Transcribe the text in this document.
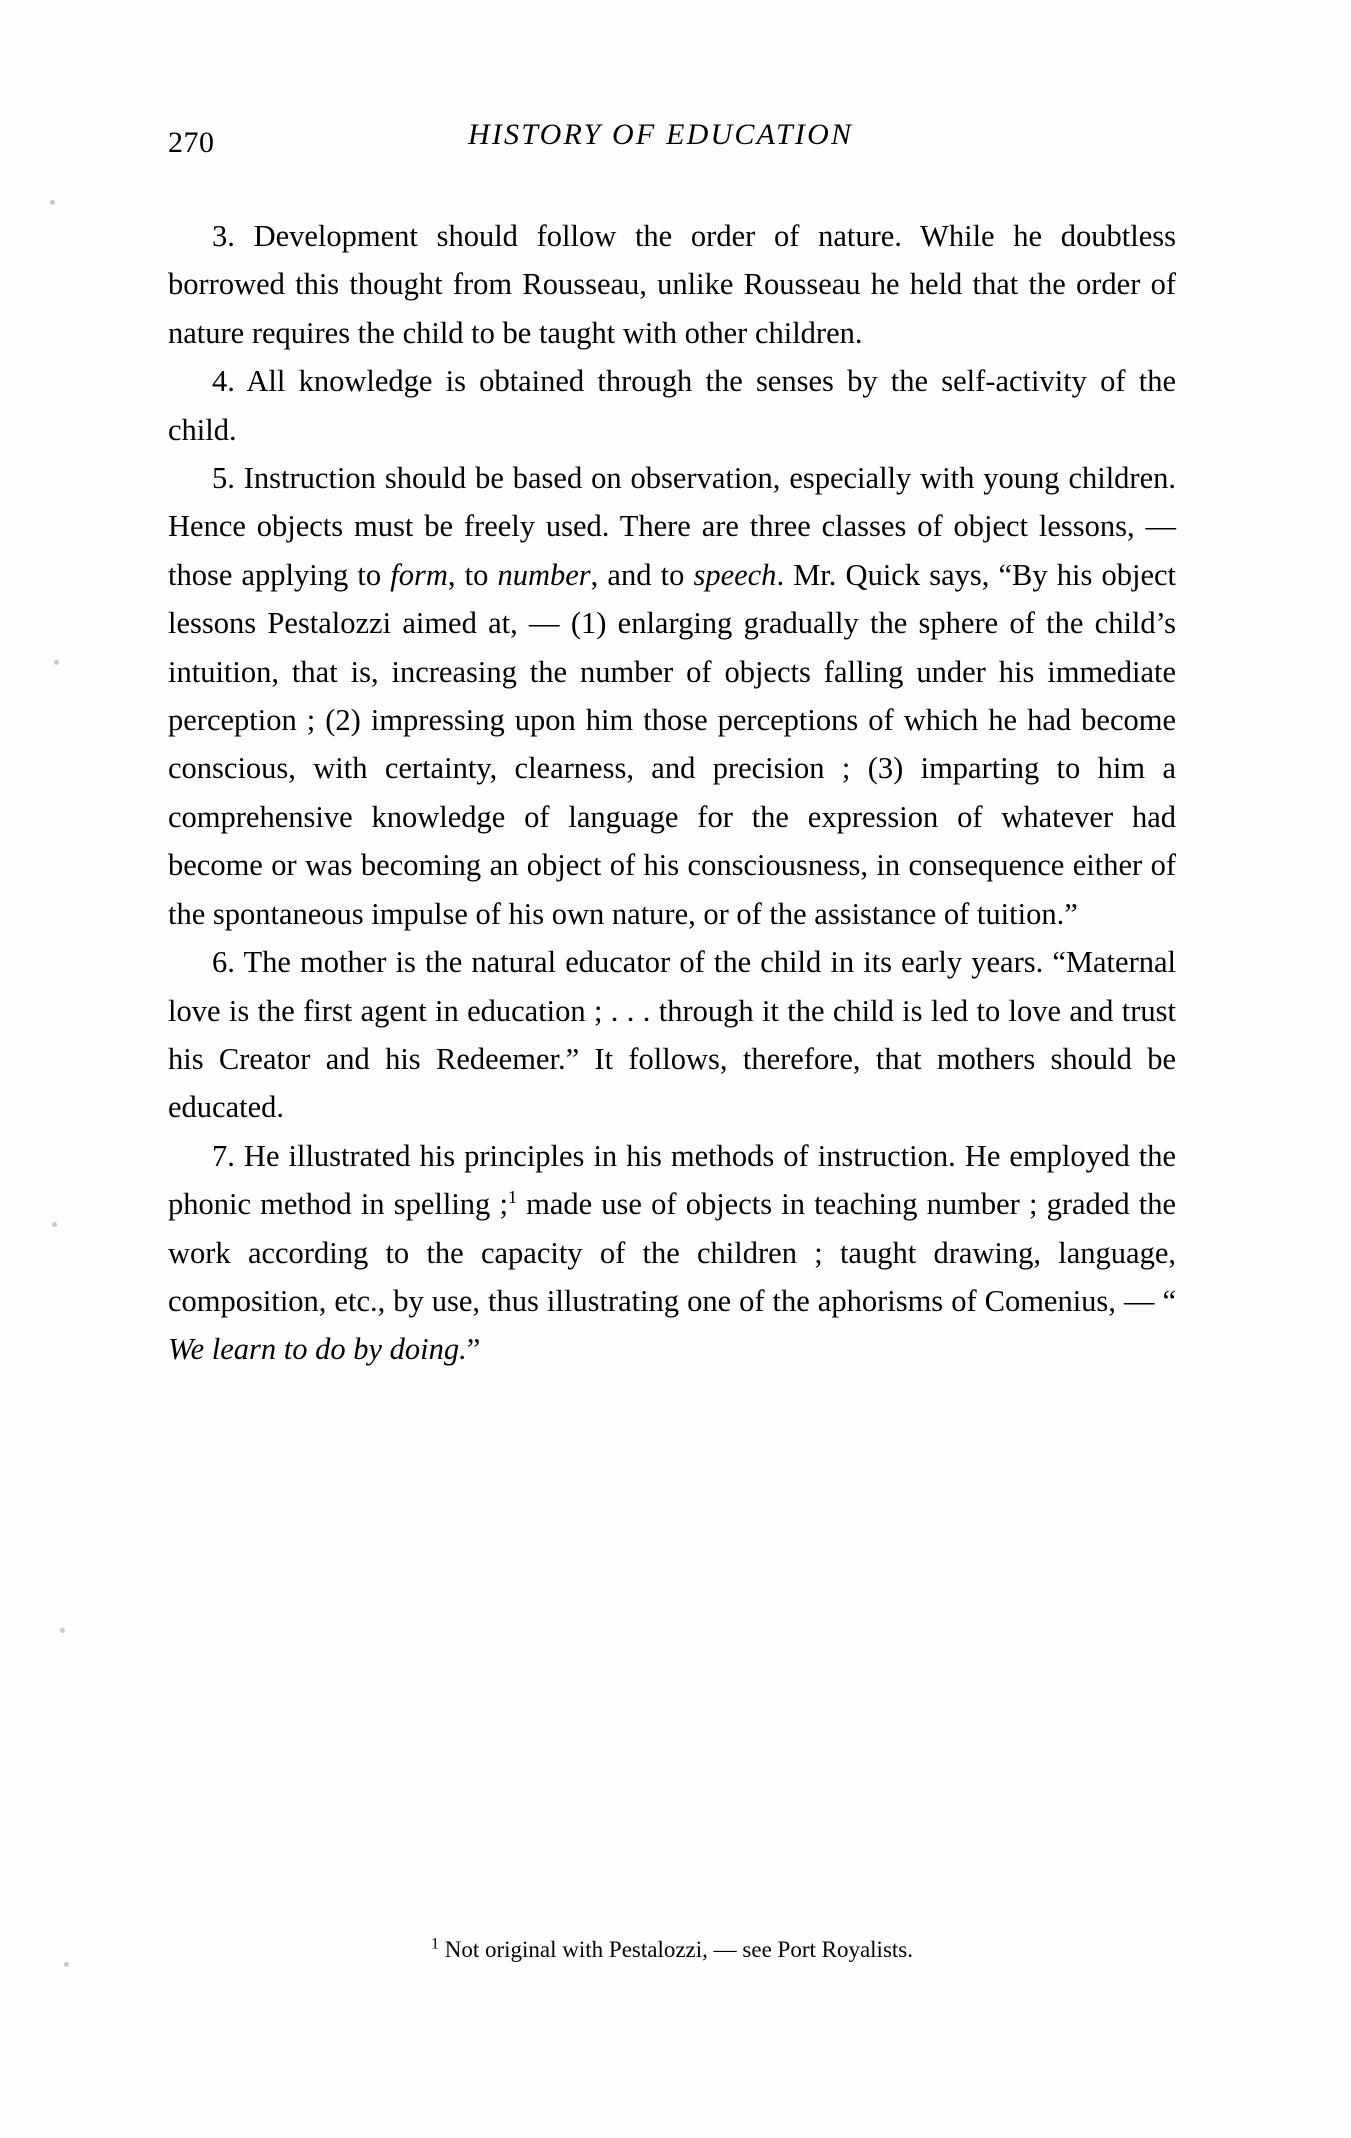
270	HISTORY OF EDUCATION

3. Development should follow the order of nature. While he doubtless borrowed this thought from Rousseau, unlike Rousseau he held that the order of nature requires the child to be taught with other children.

4. All knowledge is obtained through the senses by the self-activity of the child.

5. Instruction should be based on observation, especially with young children. Hence objects must be freely used. There are three classes of object lessons, — those applying to form, to number, and to speech. Mr. Quick says, “By his object lessons Pestalozzi aimed at, — (1) enlarging gradually the sphere of the child’s intuition, that is, increasing the number of objects falling under his immediate perception ; (2) impressing upon him those perceptions of which he had become conscious, with certainty, clearness, and precision ; (3) imparting to him a comprehensive knowledge of language for the expression of whatever had become or was becoming an object of his consciousness, in consequence either of the spontaneous impulse of his own nature, or of the assistance of tuition.”

6. The mother is the natural educator of the child in its early years. “Maternal love is the first agent in education ; . . . through it the child is led to love and trust his Creator and his Redeemer.” It follows, therefore, that mothers should be educated.

7. He illustrated his principles in his methods of instruction. He employed the phonic method in spelling ;$^1$ made use of objects in teaching number ; graded the work according to the capacity of the children ; taught drawing, language, composition, etc., by use, thus illustrating one of the aphorisms of Comenius, — “ We learn to do by doing.”

$^1$ Not original with Pestalozzi, — see Port Royalists.
